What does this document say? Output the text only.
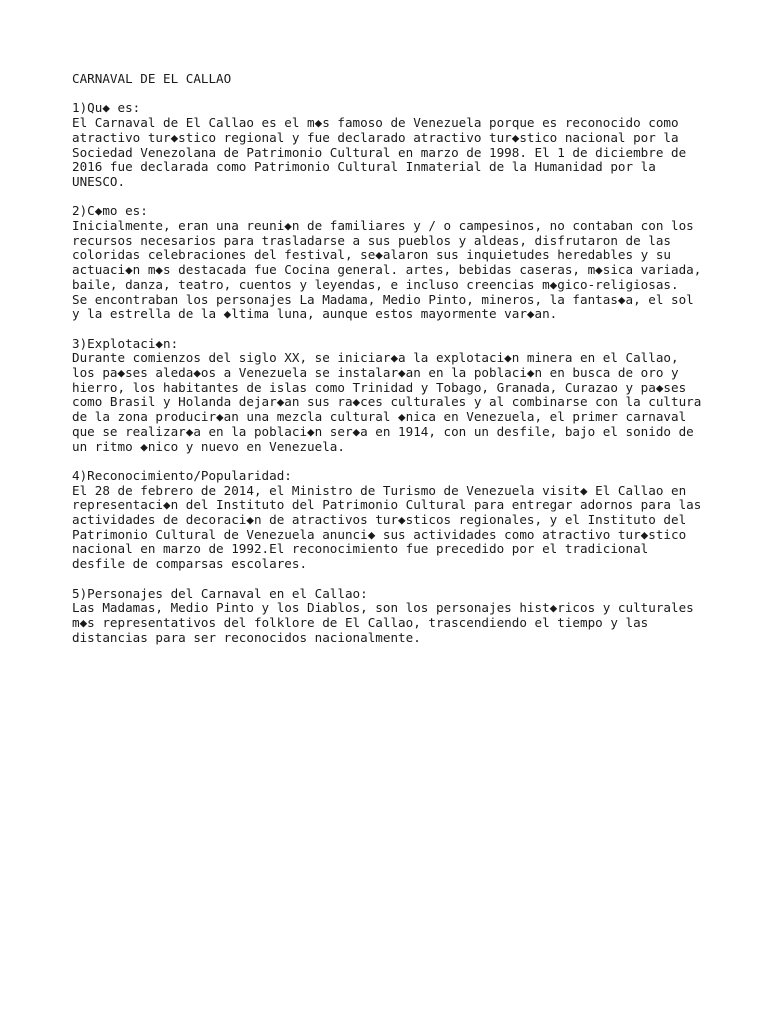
CARNAVAL DE EL CALLAO
1)Qu◆ es:

El Carnaval de El Callao es el m◆s famoso de Venezuela porque es reconocido como

atractivo tur◆stico regional y fue declarado atractivo tur◆stico nacional por la

Sociedad Venezolana de Patrimonio Cultural en marzo de 1998. El 1 de diciembre de

2016 fue declarada como Patrimonio Cultural Inmaterial de la Humanidad por la

UNESCO.

2)C◆mo es:

Inicialmente, eran una reuni◆n de familiares y / o campesinos, no contaban con los

recursos necesarios para trasladarse a sus pueblos y aldeas, disfrutaron de las

coloridas celebraciones del festival, se◆alaron sus inquietudes heredables y su

actuaci◆n m◆s destacada fue Cocina general. artes, bebidas caseras, m◆sica variada,

baile, danza, teatro, cuentos y leyendas, e incluso creencias m◆gico-religiosas.

Se encontraban los personajes La Madama, Medio Pinto, mineros, la fantas◆a, el sol

y la estrella de la ◆ltima luna, aunque estos mayormente var◆an.

3)Explotaci◆n:

Durante comienzos del siglo XX, se iniciar◆a la explotaci◆n minera en el Callao,

los pa◆ses aleda◆os a Venezuela se instalar◆an en la poblaci◆n en busca de oro y

hierro, los habitantes de islas como Trinidad y Tobago, Granada, Curazao y pa◆ses

como Brasil y Holanda dejar◆an sus ra◆ces culturales y al combinarse con la cultura

de la zona producir◆an una mezcla cultural ◆nica en Venezuela, el primer carnaval

que se realizar◆a en la poblaci◆n ser◆a en 1914, con un desfile, bajo el sonido de

un ritmo ◆nico y nuevo en Venezuela.

4)Reconocimiento/Popularidad:

El 28 de febrero de 2014, el Ministro de Turismo de Venezuela visit◆ El Callao en

representaci◆n del Instituto del Patrimonio Cultural para entregar adornos para las

actividades de decoraci◆n de atractivos tur◆sticos regionales, y el Instituto del

Patrimonio Cultural de Venezuela anunci◆ sus actividades como atractivo tur◆stico

nacional en marzo de 1992.El reconocimiento fue precedido por el tradicional

desfile de comparsas escolares.

5)Personajes del Carnaval en el Callao:

Las Madamas, Medio Pinto y los Diablos, son los personajes hist◆ricos y culturales

m◆s representativos del folklore de El Callao, trascendiendo el tiempo y las

distancias para ser reconocidos nacionalmente.
